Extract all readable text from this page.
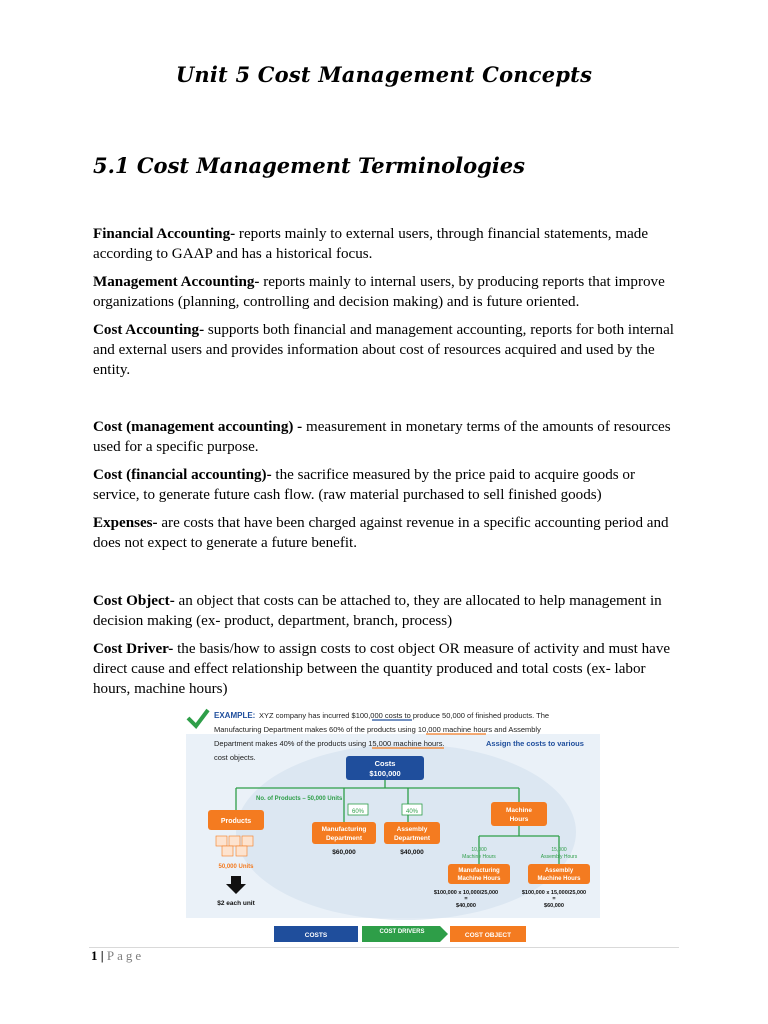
Unit 5 Cost Management Concepts
5.1 Cost Management Terminologies

Financial Accounting- reports mainly to external users, through financial statements, made according to GAAP and has a historical focus.

Management Accounting- reports mainly to internal users, by producing reports that improve organizations (planning, controlling and decision making) and is future oriented.

Cost Accounting- supports both financial and management accounting, reports for both internal and external users and provides information about cost of resources acquired and used by the entity.

Cost (management accounting) - measurement in monetary terms of the amounts of resources used for a specific purpose.

Cost (financial accounting)- the sacrifice measured by the price paid to acquire goods or service, to generate future cash flow. (raw material purchased to sell finished goods)

Expenses- are costs that have been charged against revenue in a specific accounting period and does not expect to generate a future benefit.

Cost Object- an object that costs can be attached to, they are allocated to help management in decision making (ex- product, department, branch, process)

Cost Driver- the basis/how to assign costs to cost object OR measure of activity and must have direct cause and effect relationship between the quantity produced and total costs (ex- labor hours, machine hours)

EXAMPLE: XYZ company has incurred $100,000 costs to produce 50,000 of finished products. The
Manufacturing Department makes 60% of the products using 10,000 machine hours and Assembly
Department makes 40% of the products using 15,000 machine hours.	Assign the costs to various
cost objects.
Costs
$100,000
No. of Products – 50,000 Units
60%	40%
Products
50,000 Units
$2 each unit
Manufacturing
Department
$60,000
Assembly
Department
$40,000
Machine
Hours
10,000
Machine Hours
15,000
Assembly Hours
Manufacturing
Machine Hours
Assembly
Machine Hours
$100,000 x 10,000/25,000
=
$40,000
$100,000 x 15,000/25,000
=
$60,000
COSTS	COST DRIVERS	COST OBJECT
1 | Page
